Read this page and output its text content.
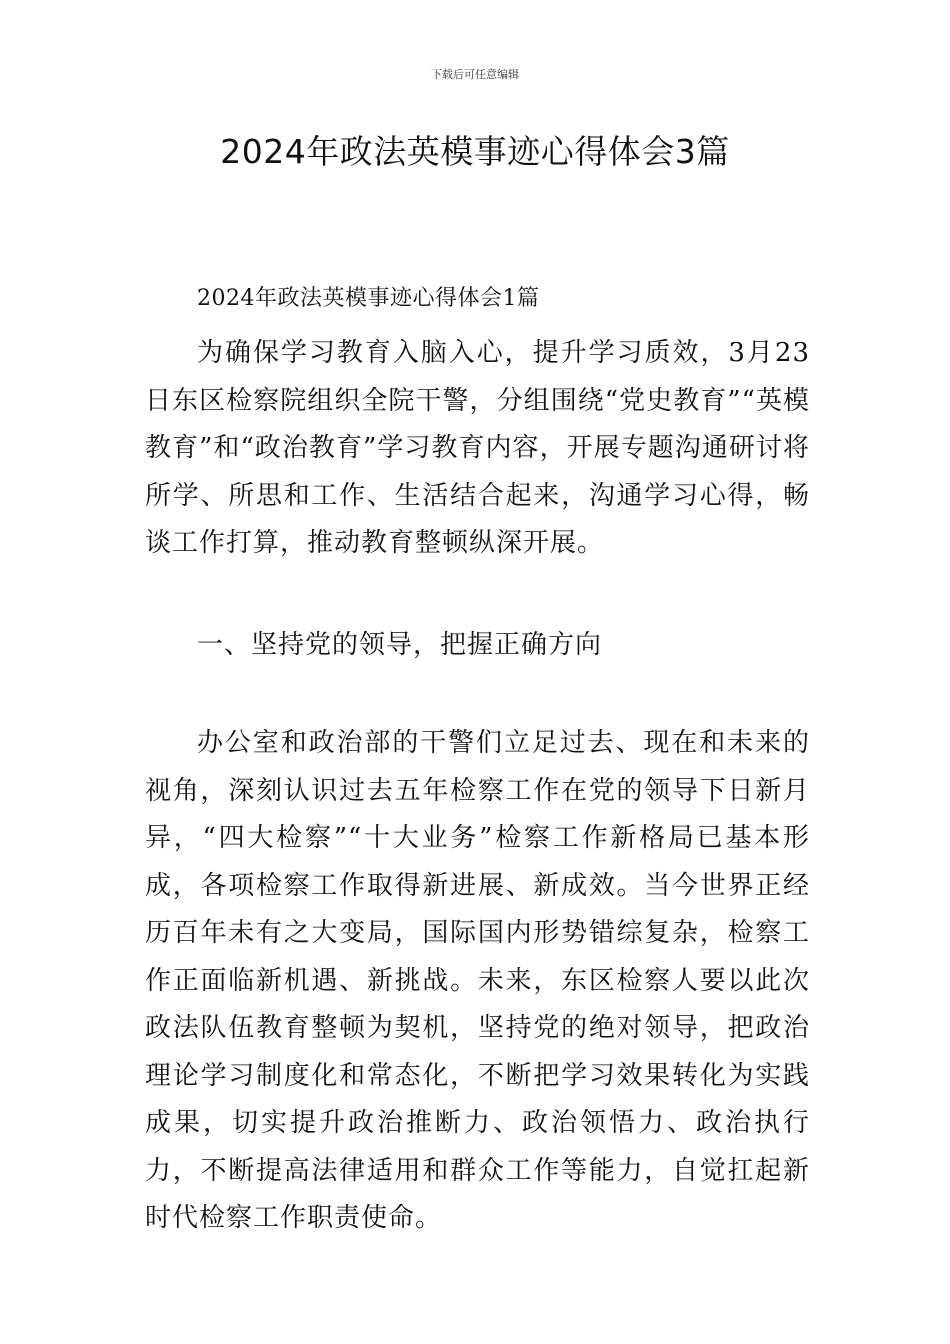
下载后可任意编辑
2024年政法英模事迹心得体会3篇

2024年政法英模事迹心得体会1篇

为确保学习教育入脑入心，提升学习质效，3月23日东区检察院组织全院干警，分组围绕“党史教育”“英模教育”和“政治教育”学习教育内容，开展专题沟通研讨将所学、所思和工作、生活结合起来，沟通学习心得，畅谈工作打算，推动教育整顿纵深开展。

一、坚持党的领导，把握正确方向

办公室和政治部的干警们立足过去、现在和未来的视角，深刻认识过去五年检察工作在党的领导下日新月异，“四大检察”“十大业务”检察工作新格局已基本形成，各项检察工作取得新进展、新成效。当今世界正经历百年未有之大变局，国际国内形势错综复杂，检察工作正面临新机遇、新挑战。未来，东区检察人要以此次政法队伍教育整顿为契机，坚持党的绝对领导，把政治理论学习制度化和常态化，不断把学习效果转化为实践成果，切实提升政治推断力、政治领悟力、政治执行力，不断提高法律适用和群众工作等能力，自觉扛起新时代检察工作职责使命。
